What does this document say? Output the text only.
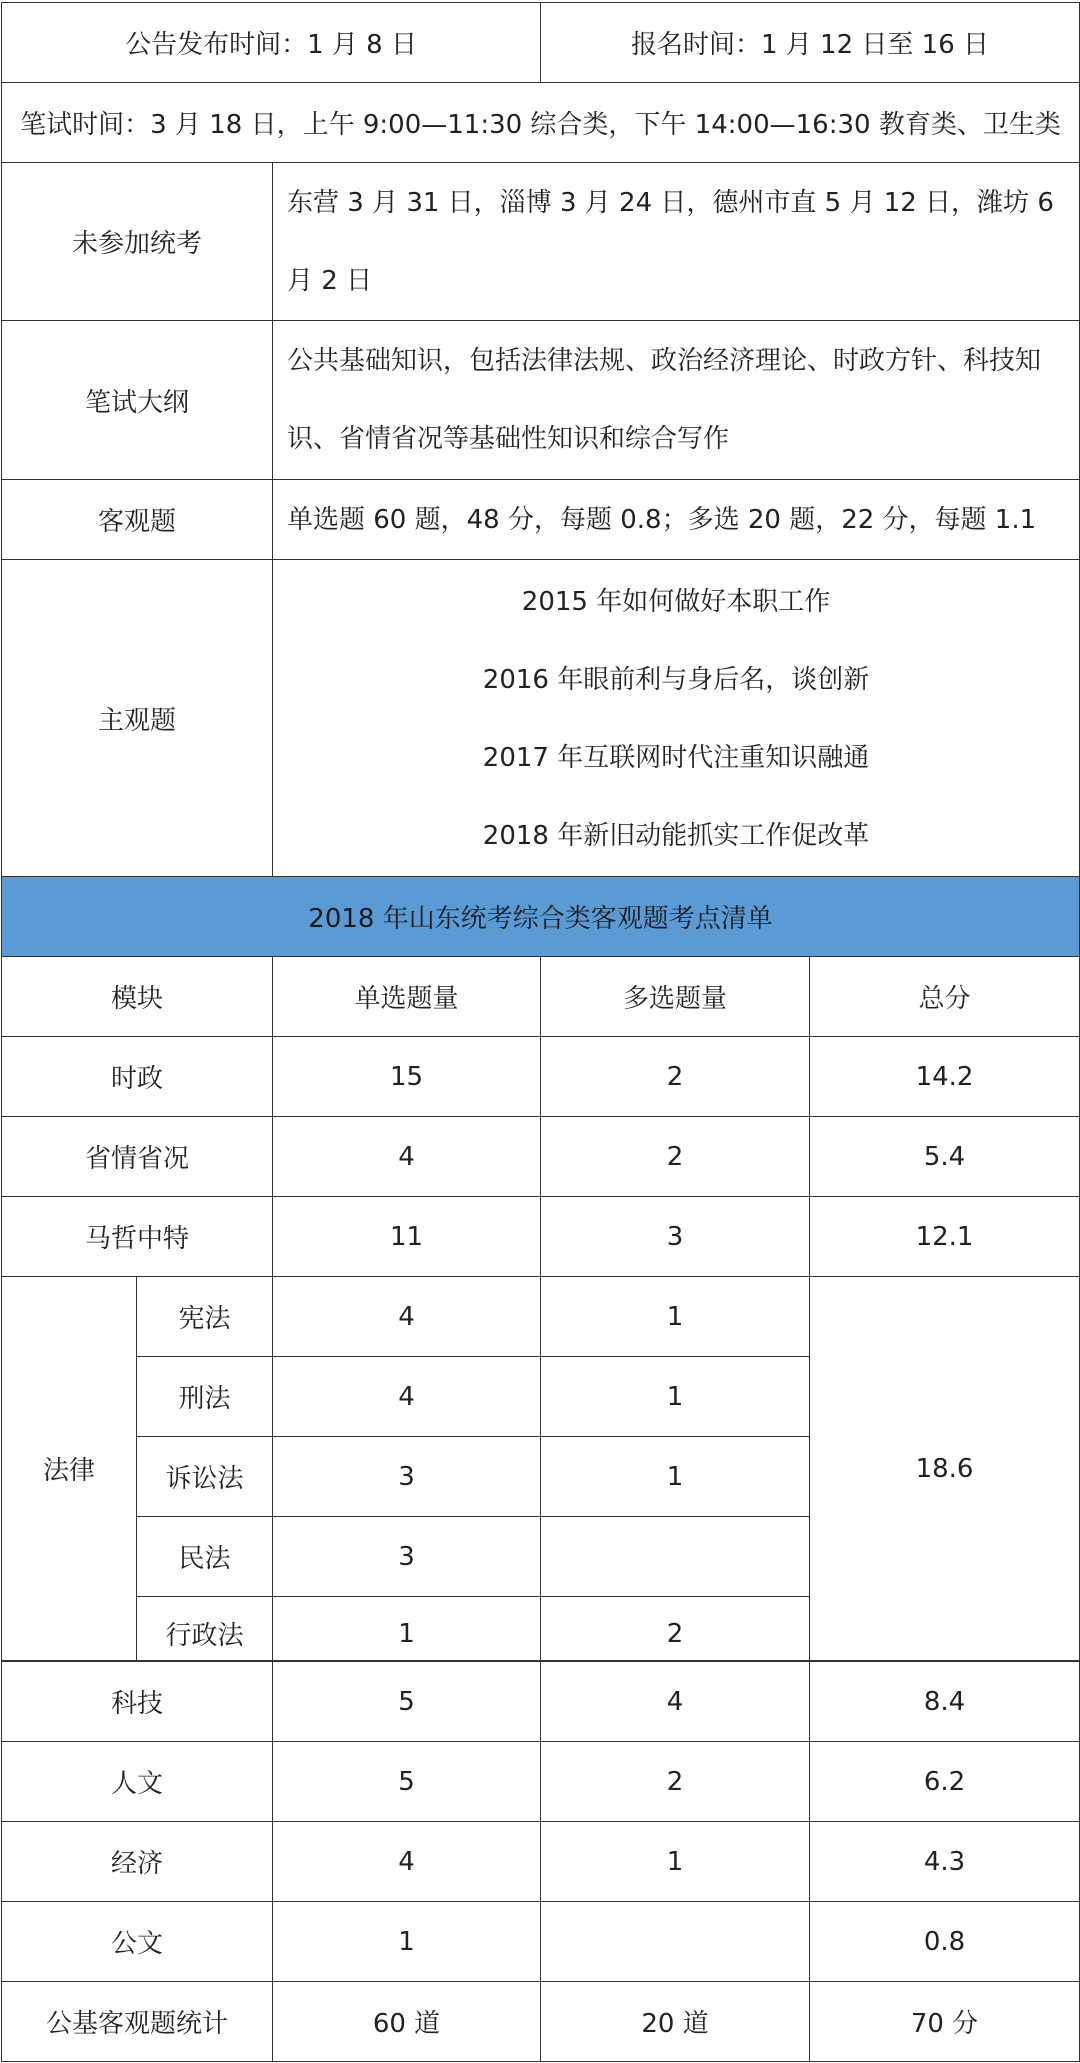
公告发布时间：1 月 8 日		报名时间：1 月 12 日至 16 日
笔试时间：3 月 18 日，上午 9:00—11:30 综合类，下午 14:00—16:30 教育类、卫生类		
未参加统考	东营 3 月 31 日，淄博 3 月 24 日，德州市直 5 月 12 日，潍坊 6 月 2 日	
笔试大纲	公共基础知识，包括法律法规、政治经济理论、时政方针、科技知识、省情省况等基础性知识和综合写作	
客观题	单选题 60 题，48 分，每题 0.8；多选 20 题，22 分，每题 1.1	
主观题	2015 年如何做好本职工作
2016 年眼前利与身后名，谈创新
2017 年互联网时代注重知识融通
2018 年新旧动能抓实工作促改革	
2018 年山东统考综合类客观题考点清单				
模块		单选题量	多选题量	总分
时政		15	2	14.2
省情省况		4	2	5.4
马哲中特		11	3	12.1
法律	宪法	4	1	18.6
	刑法	4	1	
	诉讼法	3	1	
	民法	3		
	行政法	1	2	
科技	5	4	8.4
人文	5	2	6.2
经济	4	1	4.3
公文	1		0.8
公基客观题统计	60 道	20 道	70 分
